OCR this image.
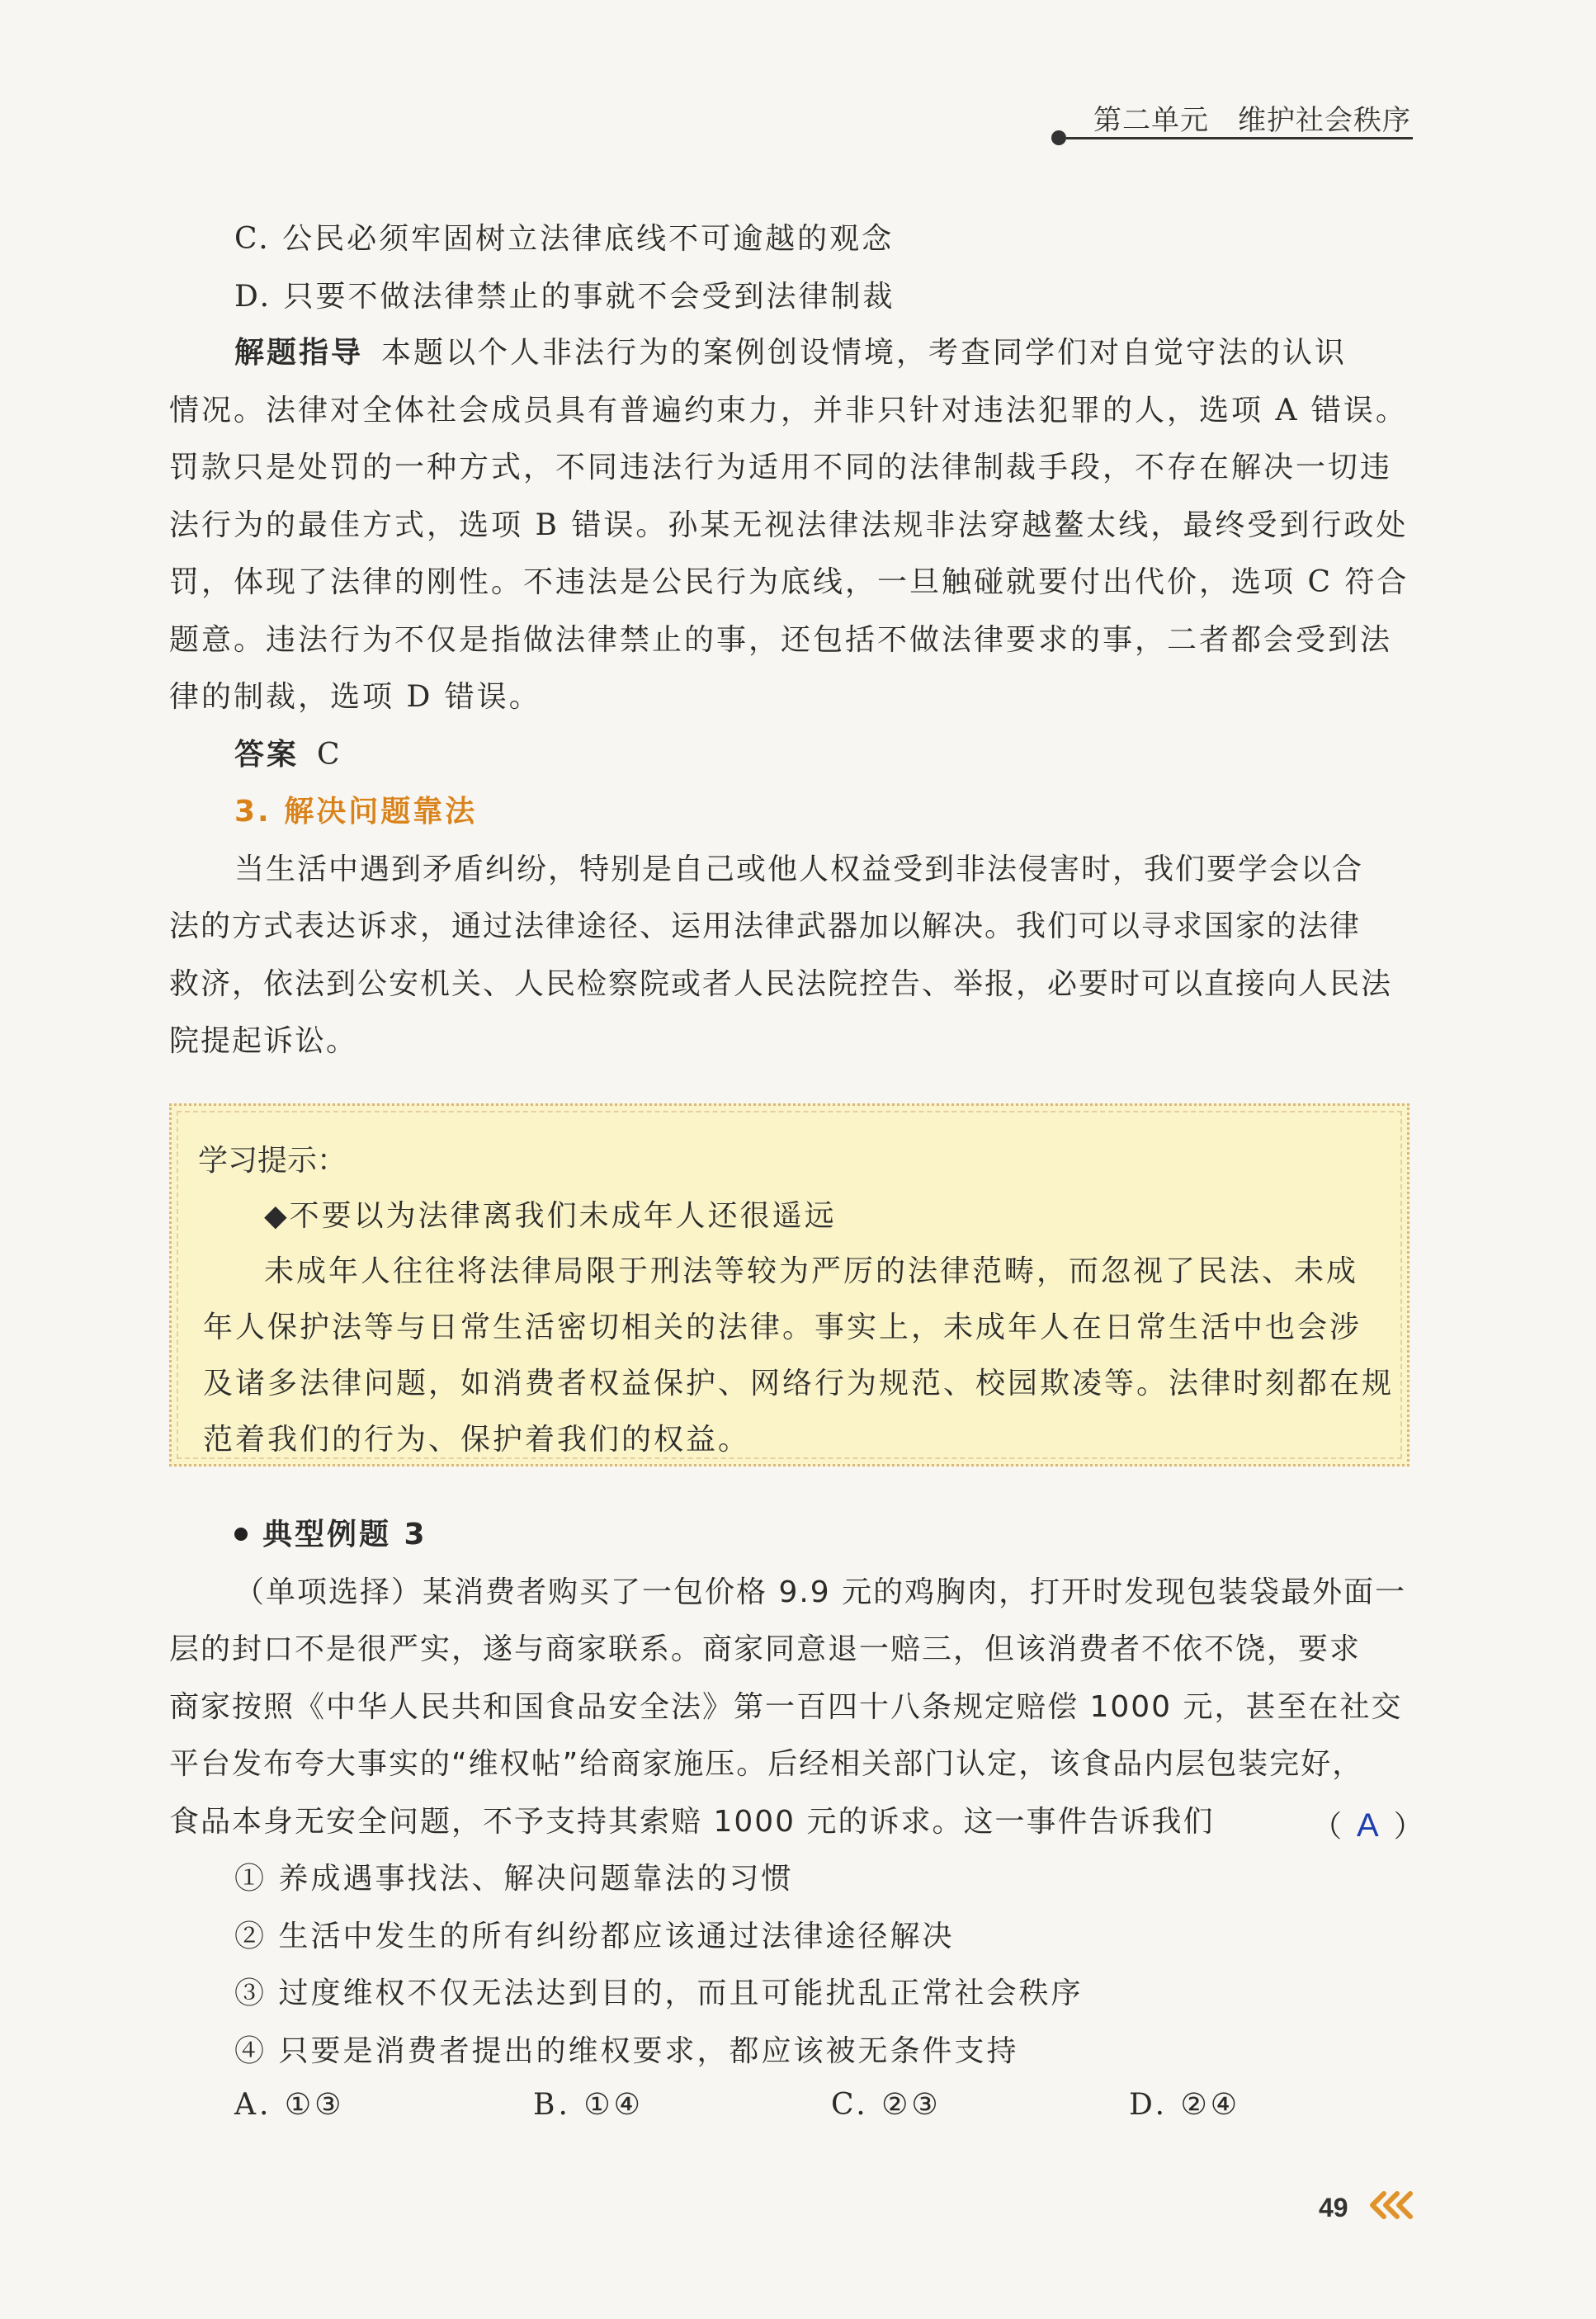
第二单元　维护社会秩序
C. 公民必须牢固树立法律底线不可逾越的观念
D. 只要不做法律禁止的事就不会受到法律制裁
解题指导 本题以个人非法行为的案例创设情境，考查同学们对自觉守法的认识
情况。法律对全体社会成员具有普遍约束力，并非只针对违法犯罪的人，选项 A 错误。
罚款只是处罚的一种方式，不同违法行为适用不同的法律制裁手段，不存在解决一切违
法行为的最佳方式，选项 B 错误。孙某无视法律法规非法穿越鳌太线，最终受到行政处
罚，体现了法律的刚性。不违法是公民行为底线，一旦触碰就要付出代价，选项 C 符合
题意。违法行为不仅是指做法律禁止的事，还包括不做法律要求的事，二者都会受到法
律的制裁，选项 D 错误。
答案 C
3. 解决问题靠法
当生活中遇到矛盾纠纷，特别是自己或他人权益受到非法侵害时，我们要学会以合
法的方式表达诉求，通过法律途径、运用法律武器加以解决。我们可以寻求国家的法律
救济，依法到公安机关、人民检察院或者人民法院控告、举报，必要时可以直接向人民法
院提起诉讼。
学习提示：
◆不要以为法律离我们未成年人还很遥远
未成年人往往将法律局限于刑法等较为严厉的法律范畴，而忽视了民法、未成
年人保护法等与日常生活密切相关的法律。事实上，未成年人在日常生活中也会涉
及诸多法律问题，如消费者权益保护、网络行为规范、校园欺凌等。法律时刻都在规
范着我们的行为、保护着我们的权益。
典型例题 3
（单项选择）某消费者购买了一包价格 9.9 元的鸡胸肉，打开时发现包装袋最外面一
层的封口不是很严实，遂与商家联系。商家同意退一赔三，但该消费者不依不饶，要求
商家按照《中华人民共和国食品安全法》第一百四十八条规定赔偿 1000 元，甚至在社交
平台发布夸大事实的“维权帖”给商家施压。后经相关部门认定，该食品内层包装完好，
食品本身无安全问题，不予支持其索赔 1000 元的诉求。这一事件告诉我们	（ A ）
① 养成遇事找法、解决问题靠法的习惯
② 生活中发生的所有纠纷都应该通过法律途径解决
③ 过度维权不仅无法达到目的，而且可能扰乱正常社会秩序
④ 只要是消费者提出的维权要求，都应该被无条件支持
A. ①③	B. ①④	C. ②③	D. ②④
49
